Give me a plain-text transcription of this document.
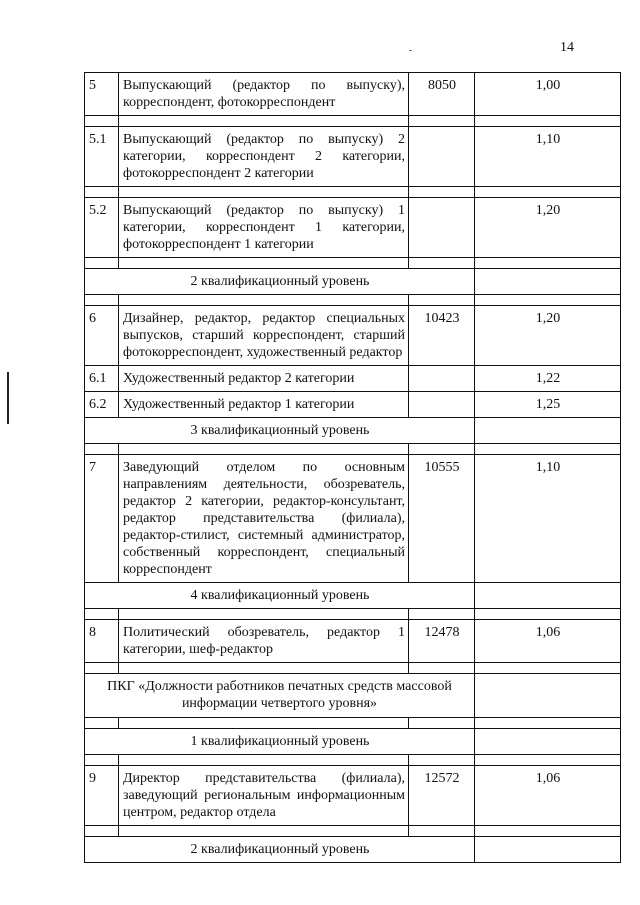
14
5	Выпускающий (редактор по выпуску), корреспондент, фотокорреспондент	8050	1,00

5.1	Выпускающий (редактор по выпуску) 2 категории, корреспондент 2 категории, фотокорреспондент 2 категории		1,10

5.2	Выпускающий (редактор по выпуску) 1 категории, корреспондент 1 категории, фотокорреспондент 1 категории		1,20

2 квалификационный уровень			

6	Дизайнер, редактор, редактор специальных выпусков, старший корреспондент, старший фотокорреспондент, художественный редактор	10423	1,20
6.1	Художественный редактор 2 категории		1,22
6.2	Художественный редактор 1 категории		1,25
3 квалификационный уровень			

7	Заведующий отделом по основным направлениям деятельности, обозреватель, редактор 2 категории, редактор-консультант, редактор представительства (филиала), редактор-стилист, системный администратор, собственный корреспондент, специальный корреспондент	10555	1,10
4 квалификационный уровень			

8	Политический обозреватель, редактор 1 категории, шеф-редактор	12478	1,06

ПКГ «Должности работников печатных средств массовой информации четвертого уровня»			

1 квалификационный уровень			

9	Директор представительства (филиала), заведующий региональным информационным центром, редактор отдела	12572	1,06

2 квалификационный уровень			
